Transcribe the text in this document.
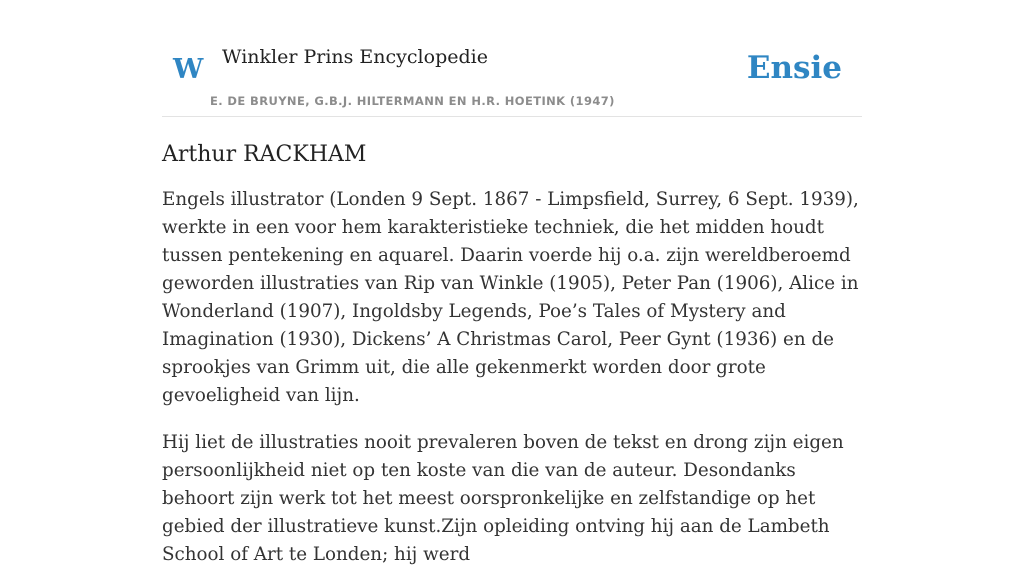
W Winkler Prins Encyclopedie
E. DE BRUYNE, G.B.J. HILTERMANN EN H.R. HOETINK (1947)
Ensie
Arthur RACKHAM

Engels illustrator (Londen 9 Sept. 1867 - Limpsfield, Surrey, 6 Sept. 1939), werkte in een voor hem karakteristieke techniek, die het midden houdt tussen pentekening en aquarel. Daarin voerde hij o.a. zijn wereldberoemd geworden illustraties van Rip van Winkle (1905), Peter Pan (1906), Alice in Wonderland (1907), Ingoldsby Legends, Poe’s Tales of Mystery and Imagination (1930), Dickens’ A Christmas Carol, Peer Gynt (1936) en de sprookjes van Grimm uit, die alle gekenmerkt worden door grote gevoeligheid van lijn.

Hij liet de illustraties nooit prevaleren boven de tekst en drong zijn eigen persoonlijkheid niet op ten koste van die van de auteur. Desondanks behoort zijn werk tot het meest oorspronkelijke en zelfstandige op het gebied der illustratieve kunst.Zijn opleiding ontving hij aan de Lambeth School of Art te Londen; hij werd
